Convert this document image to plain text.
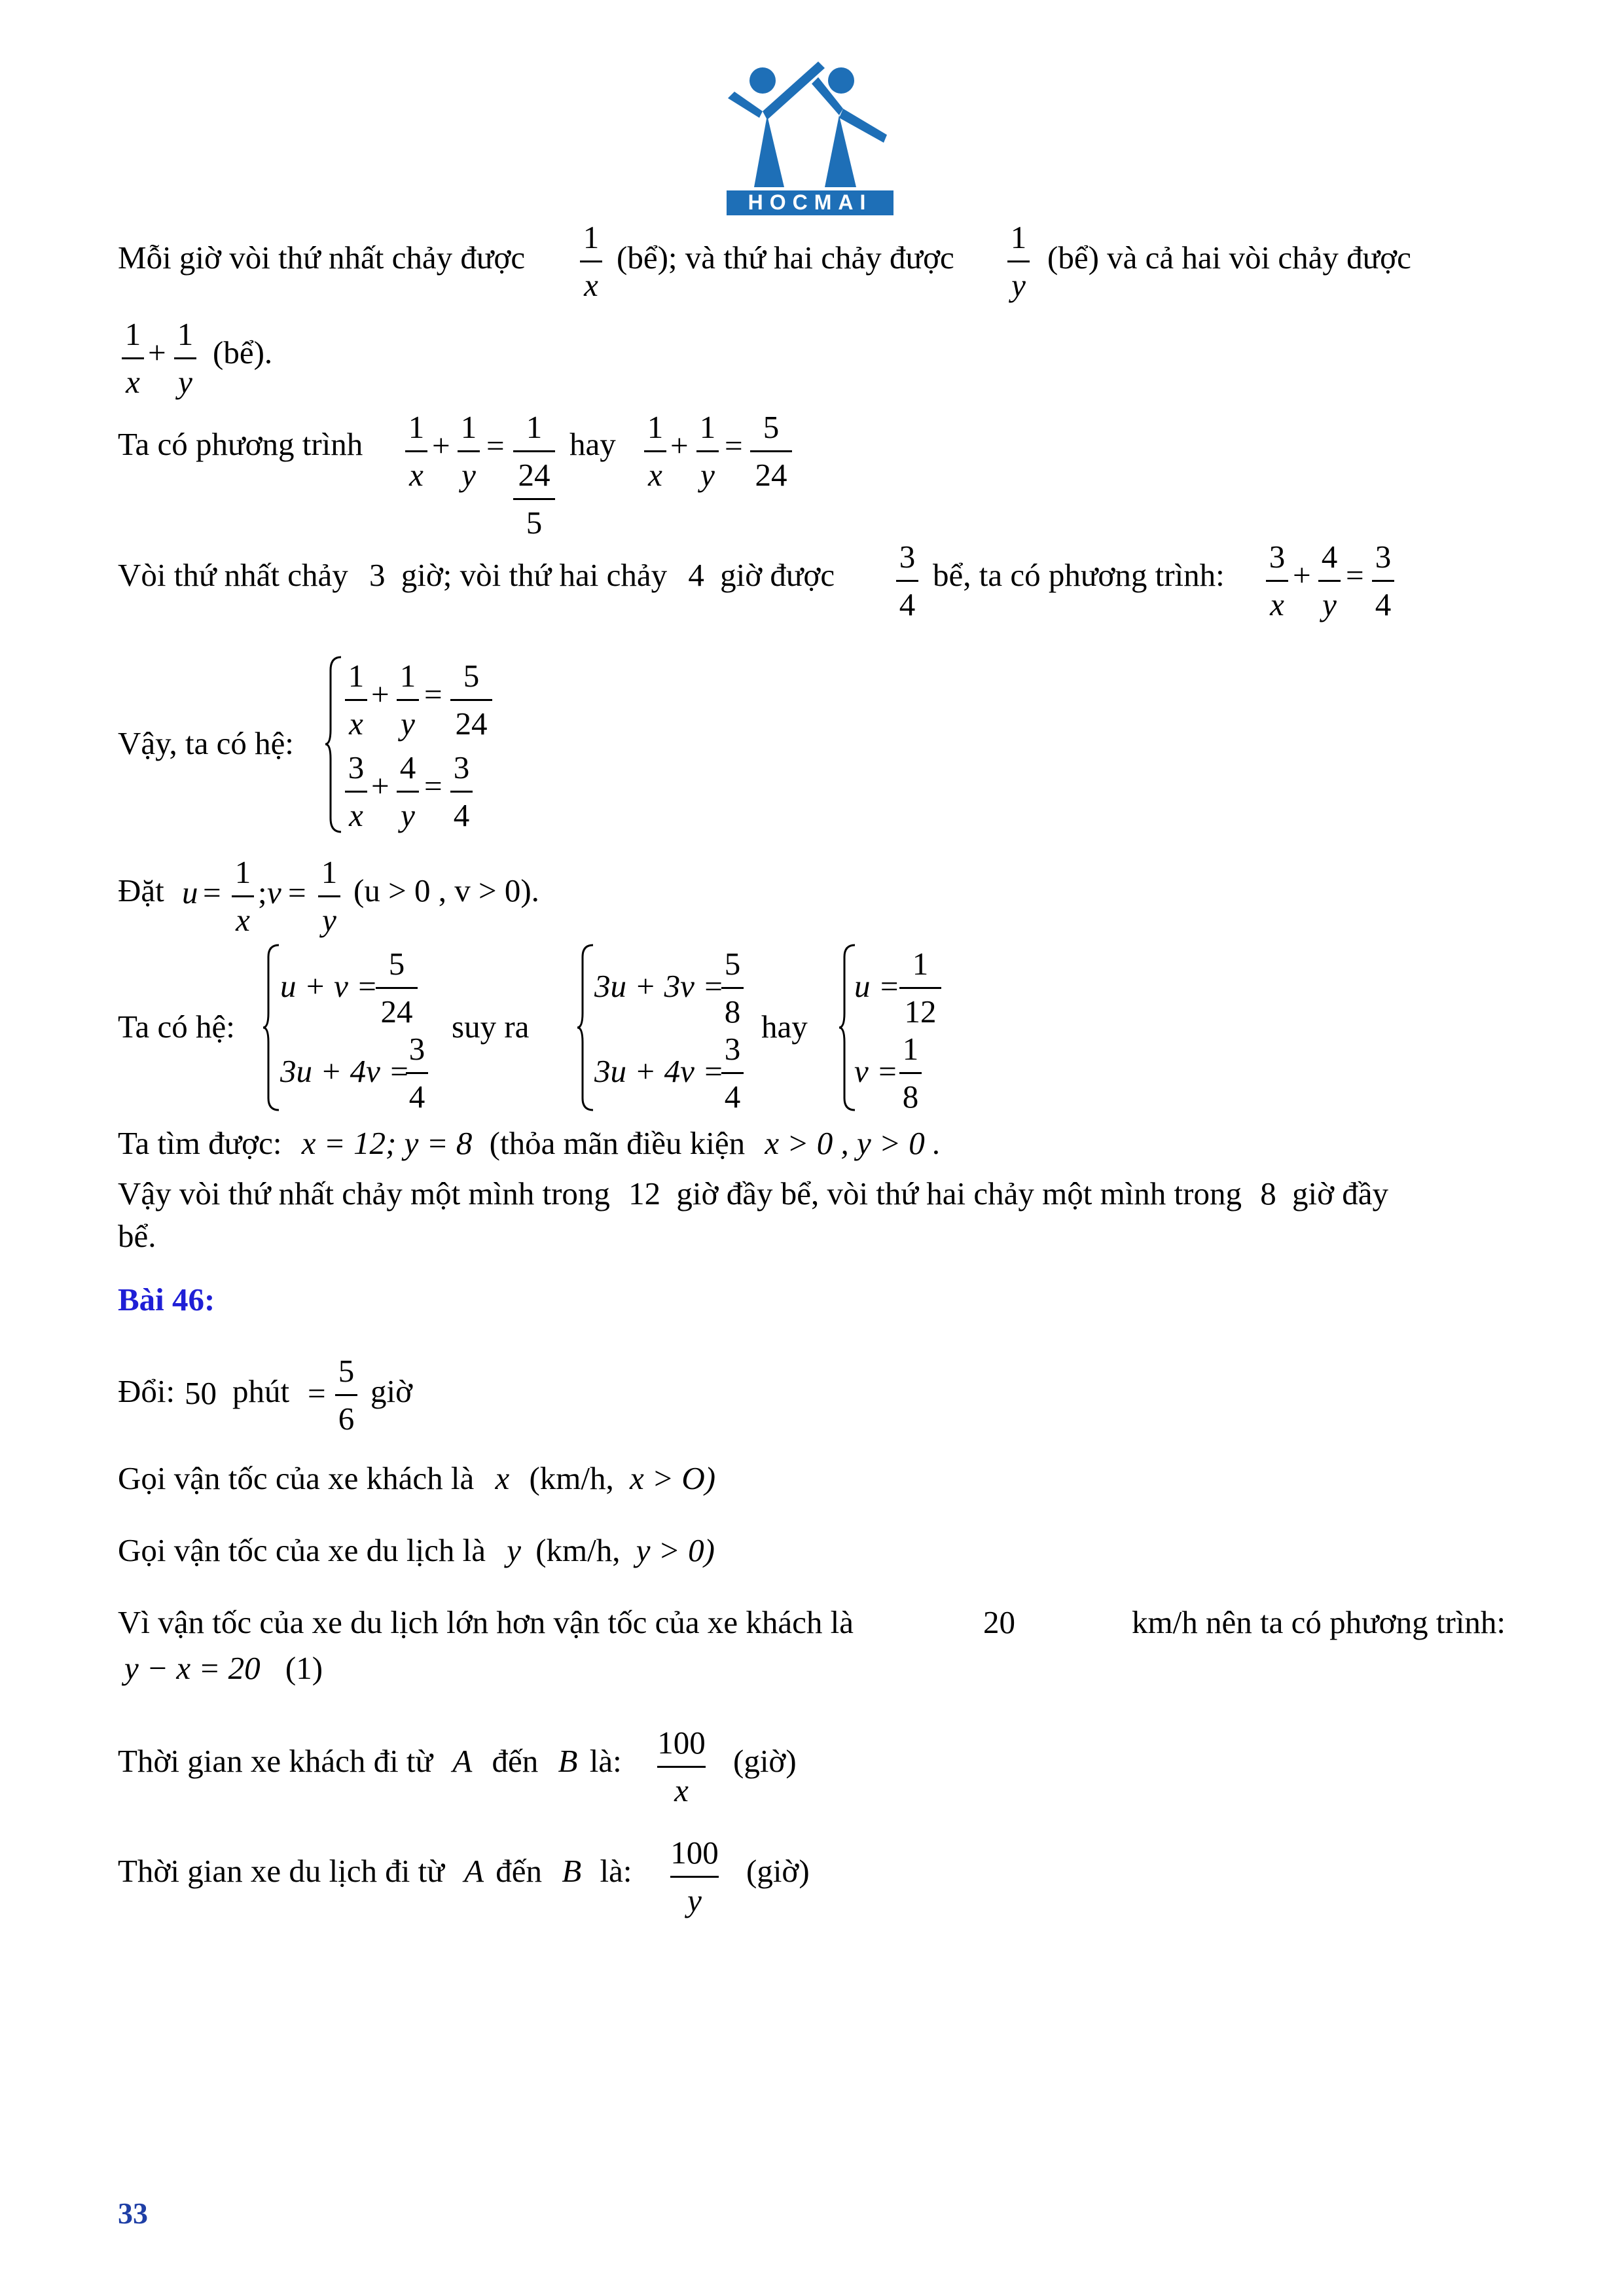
HOCMAI
Mỗi giờ vòi thứ nhất chảy được
1
x
(bể); và thứ hai chảy được
1
y
(bể) và cả hai vòi chảy được
1
x
+
1
y
(bể).
Ta có phương trình 1
x
+
1
y
=
1
24
5
hay 1
x
+
1
y
=
5
24
Vòi thứ nhất chảy 3 giờ; vòi thứ hai chảy 4 giờ được
3
4
bể, ta có phương trình:
3
x
+
4
y
=
3
4
Vậy, ta có hệ:
1
x
+
1
y
=
5
24
3
x
+
4
y
=
3
4
Đặt u =
1
x
; v =
1
y
(u > 0 , v > 0).
Ta có hệ:
u + v =
5
24
3u + 4v =
3
4
suy ra
3u + 3v =
5
8
3u + 4v =
3
4
hay
u =
1
12
v =
1
8
Ta tìm được: x = 12; y = 8 (thỏa mãn điều kiện x > 0 , y > 0 .
Vậy vòi thứ nhất chảy một mình trong 12 giờ đầy bể, vòi thứ hai chảy một mình trong 8 giờ đầy
bể.
Bài 46:
Đổi: 50 phút =
5
6
giờ
Gọi vận tốc của xe khách là x (km/h, x > O)
Gọi vận tốc của xe du lịch là y (km/h, y > 0)
Vì vận tốc của xe du lịch lớn hơn vận tốc của xe khách là	20	km/h nên ta có phương trình:
y − x = 20 (1)
Thời gian xe khách đi từ A đến B là:
100
x
(giờ)
Thời gian xe du lịch đi từ A đến B là:
100
y
(giờ)
33
